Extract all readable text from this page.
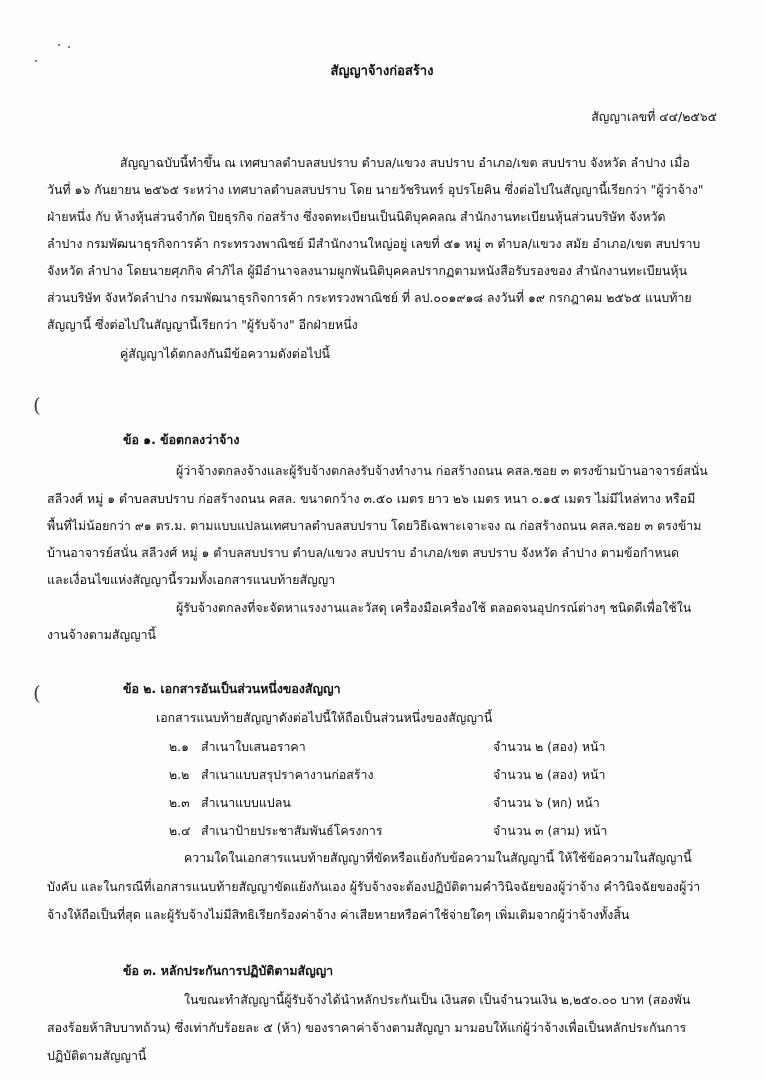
สัญญาจ้างก่อสร้าง
สัญญาเลขที่ ๔๔/๒๕๖๕
สัญญาฉบับนี้ทำขึ้น ณ เทศบาลตำบลสบปราบ ตำบล/แขวง สบปราบ อำเภอ/เขต สบปราบ จังหวัด ลำปาง เมื่อ
วันที่ ๑๖ กันยายน ๒๕๖๕ ระหว่าง เทศบาลตำบลสบปราบ โดย นายวัชรินทร์ อุปรโยคิน ซึ่งต่อไปในสัญญานี้เรียกว่า "ผู้ว่าจ้าง"
ฝ่ายหนึ่ง กับ ห้างหุ้นส่วนจำกัด ปิยธุรกิจ ก่อสร้าง ซึ่งจดทะเบียนเป็นนิติบุคคลณ สำนักงานทะเบียนหุ้นส่วนบริษัท จังหวัด
ลำปาง กรมพัฒนาธุรกิจการค้า กระทรวงพาณิชย์ มีสำนักงานใหญ่อยู่ เลขที่ ๕๑ หมู่ ๓ ตำบล/แขวง สมัย อำเภอ/เขต สบปราบ
จังหวัด ลำปาง โดยนายศุภกิจ คำภิไล ผู้มีอำนาจลงนามผูกพันนิติบุคคลปรากฏตามหนังสือรับรองของ สำนักงานทะเบียนหุ้น
ส่วนบริษัท จังหวัดลำปาง กรมพัฒนาธุรกิจการค้า กระทรวงพาณิชย์ ที่ ลป.๐๐๑๙๑๘ ลงวันที่ ๑๙ กรกฎาคม ๒๕๖๕ แนบท้าย
สัญญานี้ ซึ่งต่อไปในสัญญานี้เรียกว่า "ผู้รับจ้าง" อีกฝ่ายหนึ่ง
คู่สัญญาได้ตกลงกันมีข้อความดังต่อไปนี้
(
ข้อ ๑. ข้อตกลงว่าจ้าง
ผู้ว่าจ้างตกลงจ้างและผู้รับจ้างตกลงรับจ้างทำงาน ก่อสร้างถนน คสล.ซอย ๓ ตรงข้ามบ้านอาจารย์สนั่น
สลีวงศ์ หมู่ ๑ ตำบลสบปราบ ก่อสร้างถนน คสล. ขนาดกว้าง ๓.๕๐ เมตร ยาว ๒๖ เมตร หนา ๐.๑๕ เมตร ไม่มีไหล่ทาง หรือมี
พื้นที่ไม่น้อยกว่า ๙๑ ตร.ม. ตามแบบแปลนเทศบาลตำบลสบปราบ โดยวิธีเฉพาะเจาะจง ณ ก่อสร้างถนน คสล.ซอย ๓ ตรงข้าม
บ้านอาจารย์สนั่น สลีวงศ์ หมู่ ๑ ตำบลสบปราบ ตำบล/แขวง สบปราบ อำเภอ/เขต สบปราบ จังหวัด ลำปาง ตามข้อกำหนด
และเงื่อนไขแห่งสัญญานี้รวมทั้งเอกสารแนบท้ายสัญญา
ผู้รับจ้างตกลงที่จะจัดหาแรงงานและวัสดุ เครื่องมือเครื่องใช้ ตลอดจนอุปกรณ์ต่างๆ ชนิดดีเพื่อใช้ใน
งานจ้างตามสัญญานี้
(	ข้อ ๒. เอกสารอันเป็นส่วนหนึ่งของสัญญา
เอกสารแนบท้ายสัญญาดังต่อไปนี้ให้ถือเป็นส่วนหนึ่งของสัญญานี้
๒.๑ สำเนาใบเสนอราคา	จำนวน ๒ (สอง) หน้า
๒.๒ สำเนาแบบสรุปราคางานก่อสร้าง	จำนวน ๒ (สอง) หน้า
๒.๓ สำเนาแบบแปลน	จำนวน ๖ (หก) หน้า
๒.๔ สำเนาป้ายประชาสัมพันธ์โครงการ	จำนวน ๓ (สาม) หน้า
ความใดในเอกสารแนบท้ายสัญญาที่ขัดหรือแย้งกับข้อความในสัญญานี้ ให้ใช้ข้อความในสัญญานี้
บังคับ และในกรณีที่เอกสารแนบท้ายสัญญาขัดแย้งกันเอง ผู้รับจ้างจะต้องปฏิบัติตามคำวินิจฉัยของผู้ว่าจ้าง คำวินิจฉัยของผู้ว่า
จ้างให้ถือเป็นที่สุด และผู้รับจ้างไม่มีสิทธิเรียกร้องค่าจ้าง ค่าเสียหายหรือค่าใช้จ่ายใดๆ เพิ่มเติมจากผู้ว่าจ้างทั้งสิ้น
ข้อ ๓. หลักประกันการปฏิบัติตามสัญญา
ในขณะทำสัญญานี้ผู้รับจ้างได้นำหลักประกันเป็น เงินสด เป็นจำนวนเงิน ๒,๒๕๐.๐๐ บาท (สองพัน
สองร้อยห้าสิบบาทถ้วน) ซึ่งเท่ากับร้อยละ ๕ (ห้า) ของราคาค่าจ้างตามสัญญา มามอบให้แก่ผู้ว่าจ้างเพื่อเป็นหลักประกันการ
ปฏิบัติตามสัญญานี้
